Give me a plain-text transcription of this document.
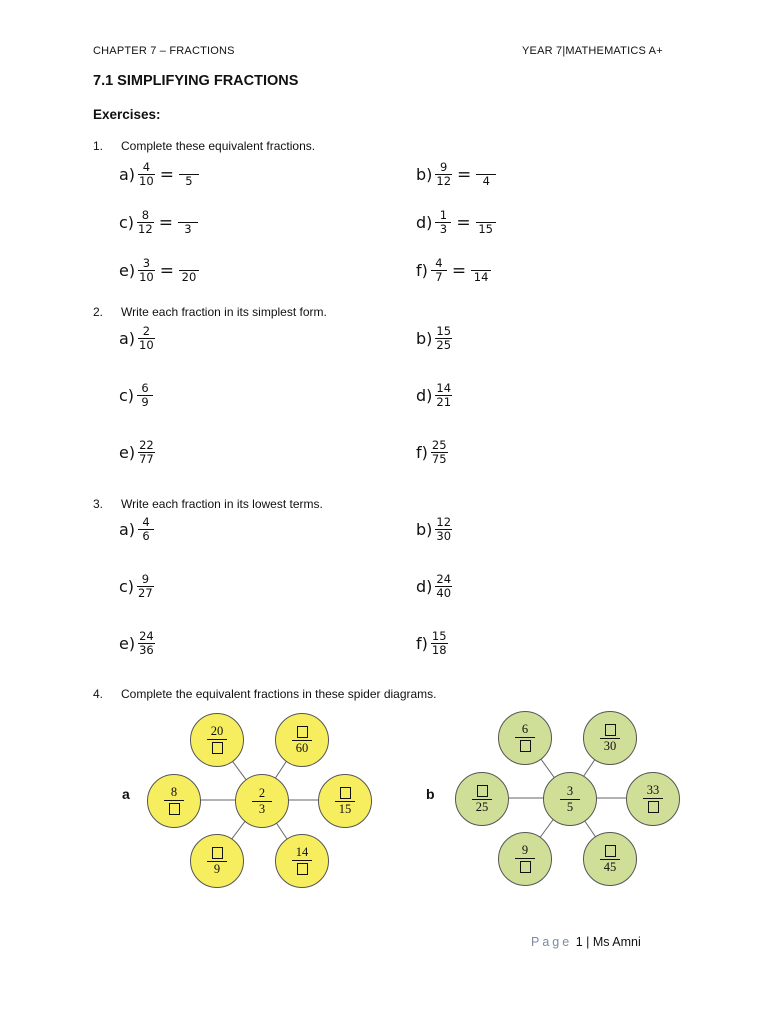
CHAPTER 7 – FRACTIONS	YEAR 7|MATHEMATICS A+
7.1 SIMPLIFYING FRACTIONS
Exercises:
1. Complete these equivalent fractions.
$a) \frac{4}{10} = 5$	$b) \frac{9}{12} = 4$
$c) \frac{8}{12} = 3$	$d) \frac{1}{3} = 15$
$e) \frac{3}{10} = 20$	$f) \frac{4}{7} = 14$
2. Write each fraction in its simplest form.
$a) \frac{2}{10}$	$b) \frac{15}{25}$
$c) \frac{6}{9}$	$d) \frac{14}{21}$
$e) \frac{22}{77}$	$f) \frac{25}{75}$
3. Write each fraction in its lowest terms.
$a) \frac{4}{6}$	$b) \frac{12}{30}$
$c) \frac{9}{27}$	$d) \frac{24}{40}$
$e) \frac{24}{36}$	$f) \frac{15}{18}$
4. Complete the equivalent fractions in these spider diagrams.
a	b
2
3
20
60
8
15
9
14
3
5
6
30
25
33
9
45
Page 1 | Ms Amni
